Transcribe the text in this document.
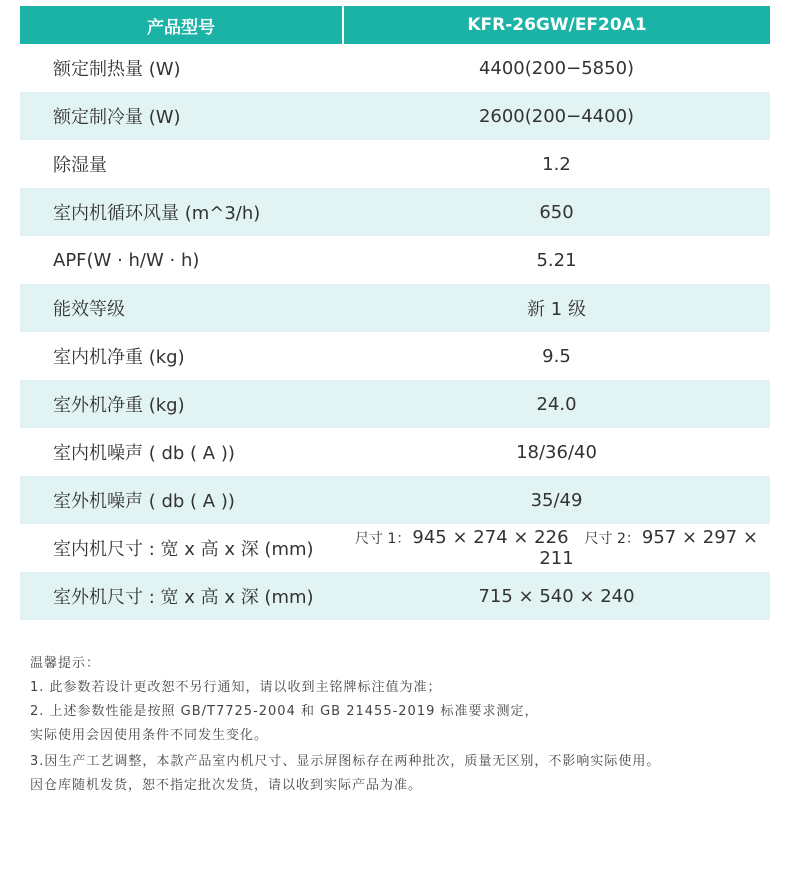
产品型号	KFR-26GW/EF20A1
额定制热量 (W)	4400(200−5850)
额定制冷量 (W)	2600(200−4400)
除湿量	1.2
室内机循环风量 (m^3/h)	650
APF(W · h/W · h)	5.21
能效等级	新 1 级
室内机净重 (kg)	9.5
室外机净重 (kg)	24.0
室内机噪声 ( db ( A ))	18/36/40
室外机噪声 ( db ( A ))	35/49
室内机尺寸 : 宽 x 高 x 深 (mm)	尺寸 1： 945 × 274 × 226 尺寸 2： 957 × 297 × 211
室外机尺寸 : 宽 x 高 x 深 (mm)	715 × 540 × 240

温馨提示：

1. 此参数若设计更改恕不另行通知，请以收到主铭牌标注值为准；

2. 上述参数性能是按照 GB/T7725-2004 和 GB 21455-2019 标准要求测定，

实际使用会因使用条件不同发生变化。

3.因生产工艺调整，本款产品室内机尺寸、显示屏图标存在两种批次，质量无区别，不影响实际使用。

因仓库随机发货，恕不指定批次发货，请以收到实际产品为准。
